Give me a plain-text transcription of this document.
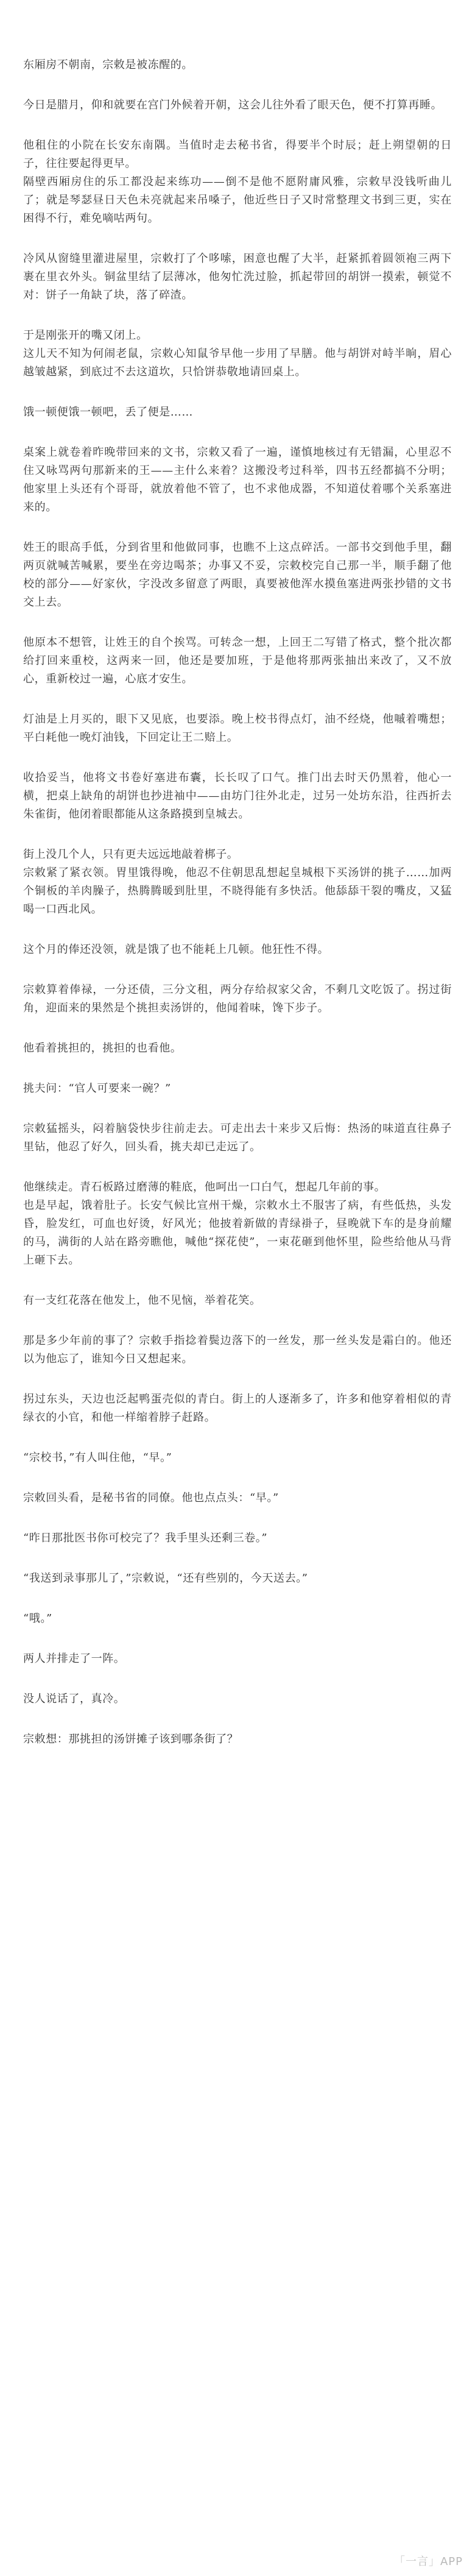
东厢房不朝南，宗敕是被冻醒的。

今日是腊月，仰和就要在宫门外候着开朝，这会儿往外看了眼天色，便不打算再睡。

他租住的小院在长安东南隅。当值时走去秘书省，得要半个时辰；赶上朔望朝的日子，往往要起得更早。
隔壁西厢房住的乐工都没起来练功——倒不是他不愿附庸风雅，宗敕早没钱听曲儿了；就是琴瑟昼日天色未亮就起来吊嗓子，他近些日子又时常整理文书到三更，实在困得不行，难免嘀咕两句。

冷风从窗缝里灌进屋里，宗敕打了个哆嗦，困意也醒了大半，赶紧抓着圆领袍三两下裹在里衣外头。铜盆里结了层薄冰，他匆忙洗过脸，抓起带回的胡饼一摸索，顿觉不对：饼子一角缺了块，落了碎渣。

于是刚张开的嘴又闭上。
这儿天不知为何闹老鼠，宗敕心知鼠爷早他一步用了早膳。他与胡饼对峙半晌，眉心越皱越紧，到底过不去这道坎，只恰饼恭敬地请回桌上。

饿一顿便饿一顿吧，丢了便是……

桌案上就卷着昨晚带回来的文书，宗敕又看了一遍，谨慎地核过有无错漏，心里忍不住又咏骂两句那新来的王——主什么来着？这搬没考过科举，四书五经都搞不分明；他家里上头还有个哥哥，就放着他不管了，也不求他成器，不知道仗着哪个关系塞进来的。

姓王的眼高手低，分到省里和他做同事，也瞧不上这点碎活。一部书交到他手里，翻两页就喊苦喊累，要坐在旁边喝茶；办事又不妥，宗敕校完自己那一半，顺手翻了他校的部分——好家伙，字没改多留意了两眼，真要被他浑水摸鱼塞进两张抄错的文书交上去。

他原本不想管，让姓王的自个挨骂。可转念一想，上回王二写错了格式，整个批次都给打回来重校，这两来一回，他还是要加班，于是他将那两张抽出来改了，又不放心，重新校过一遍，心底才安生。

灯油是上月买的，眼下又见底，也要添。晚上校书得点灯，油不经烧，他嘁着嘴想；平白耗他一晚灯油钱，下回定让王二赔上。

收拾妥当，他将文书卷好塞进布囊，长长叹了口气。推门出去时天仍黑着，他心一横，把桌上缺角的胡饼也抄进袖中——由坊门往外北走，过另一处坊东沿，往西折去朱雀街，他闭着眼都能从这条路摸到皇城去。

街上没几个人，只有更夫远远地敲着梆子。
宗敕紧了紧衣领。胃里饿得晚，他忍不住朝思乱想起皇城根下买汤饼的挑子……加两个铜板的羊肉臊子，热腾腾暖到肚里，不晓得能有多快活。他舔舔干裂的嘴皮，又猛喝一口西北风。

这个月的俸还没领，就是饿了也不能耗上几顿。他狂性不得。

宗敕算着俸禄，一分还债，三分文租，两分存给叔家父舍，不剩几文吃饭了。拐过街角，迎面来的果然是个挑担卖汤饼的，他闻着味，馋下步子。

他看着挑担的，挑担的也看他。

挑夫问：“官人可要来一碗？”

宗敕猛摇头，闷着脑袋快步往前走去。可走出去十来步又后悔：热汤的味道直往鼻子里钻，他忍了好久，回头看，挑夫却已走远了。

他继续走。青石板路过磨薄的鞋底，他呵出一口白气，想起几年前的事。
也是早起，饿着肚子。长安气候比宣州干燥，宗敕水土不服害了病，有些低热，头发昏，脸发红，可血也好烫，好风光；他披着新做的青绿褂子，昼晚就下车的是身前耀的马，满街的人站在路旁瞧他，喊他“探花使”，一束花砸到他怀里，险些给他从马背上砸下去。

有一支红花落在他发上，他不见恼，举着花笑。

那是多少年前的事了？宗敕手指捻着鬓边落下的一丝发，那一丝头发是霜白的。他还以为他忘了，谁知今日又想起来。

拐过东头，天边也泛起鸭蛋壳似的青白。街上的人逐渐多了，许多和他穿着相似的青绿衣的小官，和他一样缩着脖子赶路。

“宗校书，”有人叫住他，“早。”

宗敕回头看，是秘书省的同僚。他也点点头：“早。”

“昨日那批医书你可校完了？我手里头还剩三卷。”

“我送到录事那儿了，”宗敕说，“还有些别的，今天送去。”

“哦。”

两人并排走了一阵。

没人说话了，真冷。

宗敕想：那挑担的汤饼摊子该到哪条街了？

「一言」APP
